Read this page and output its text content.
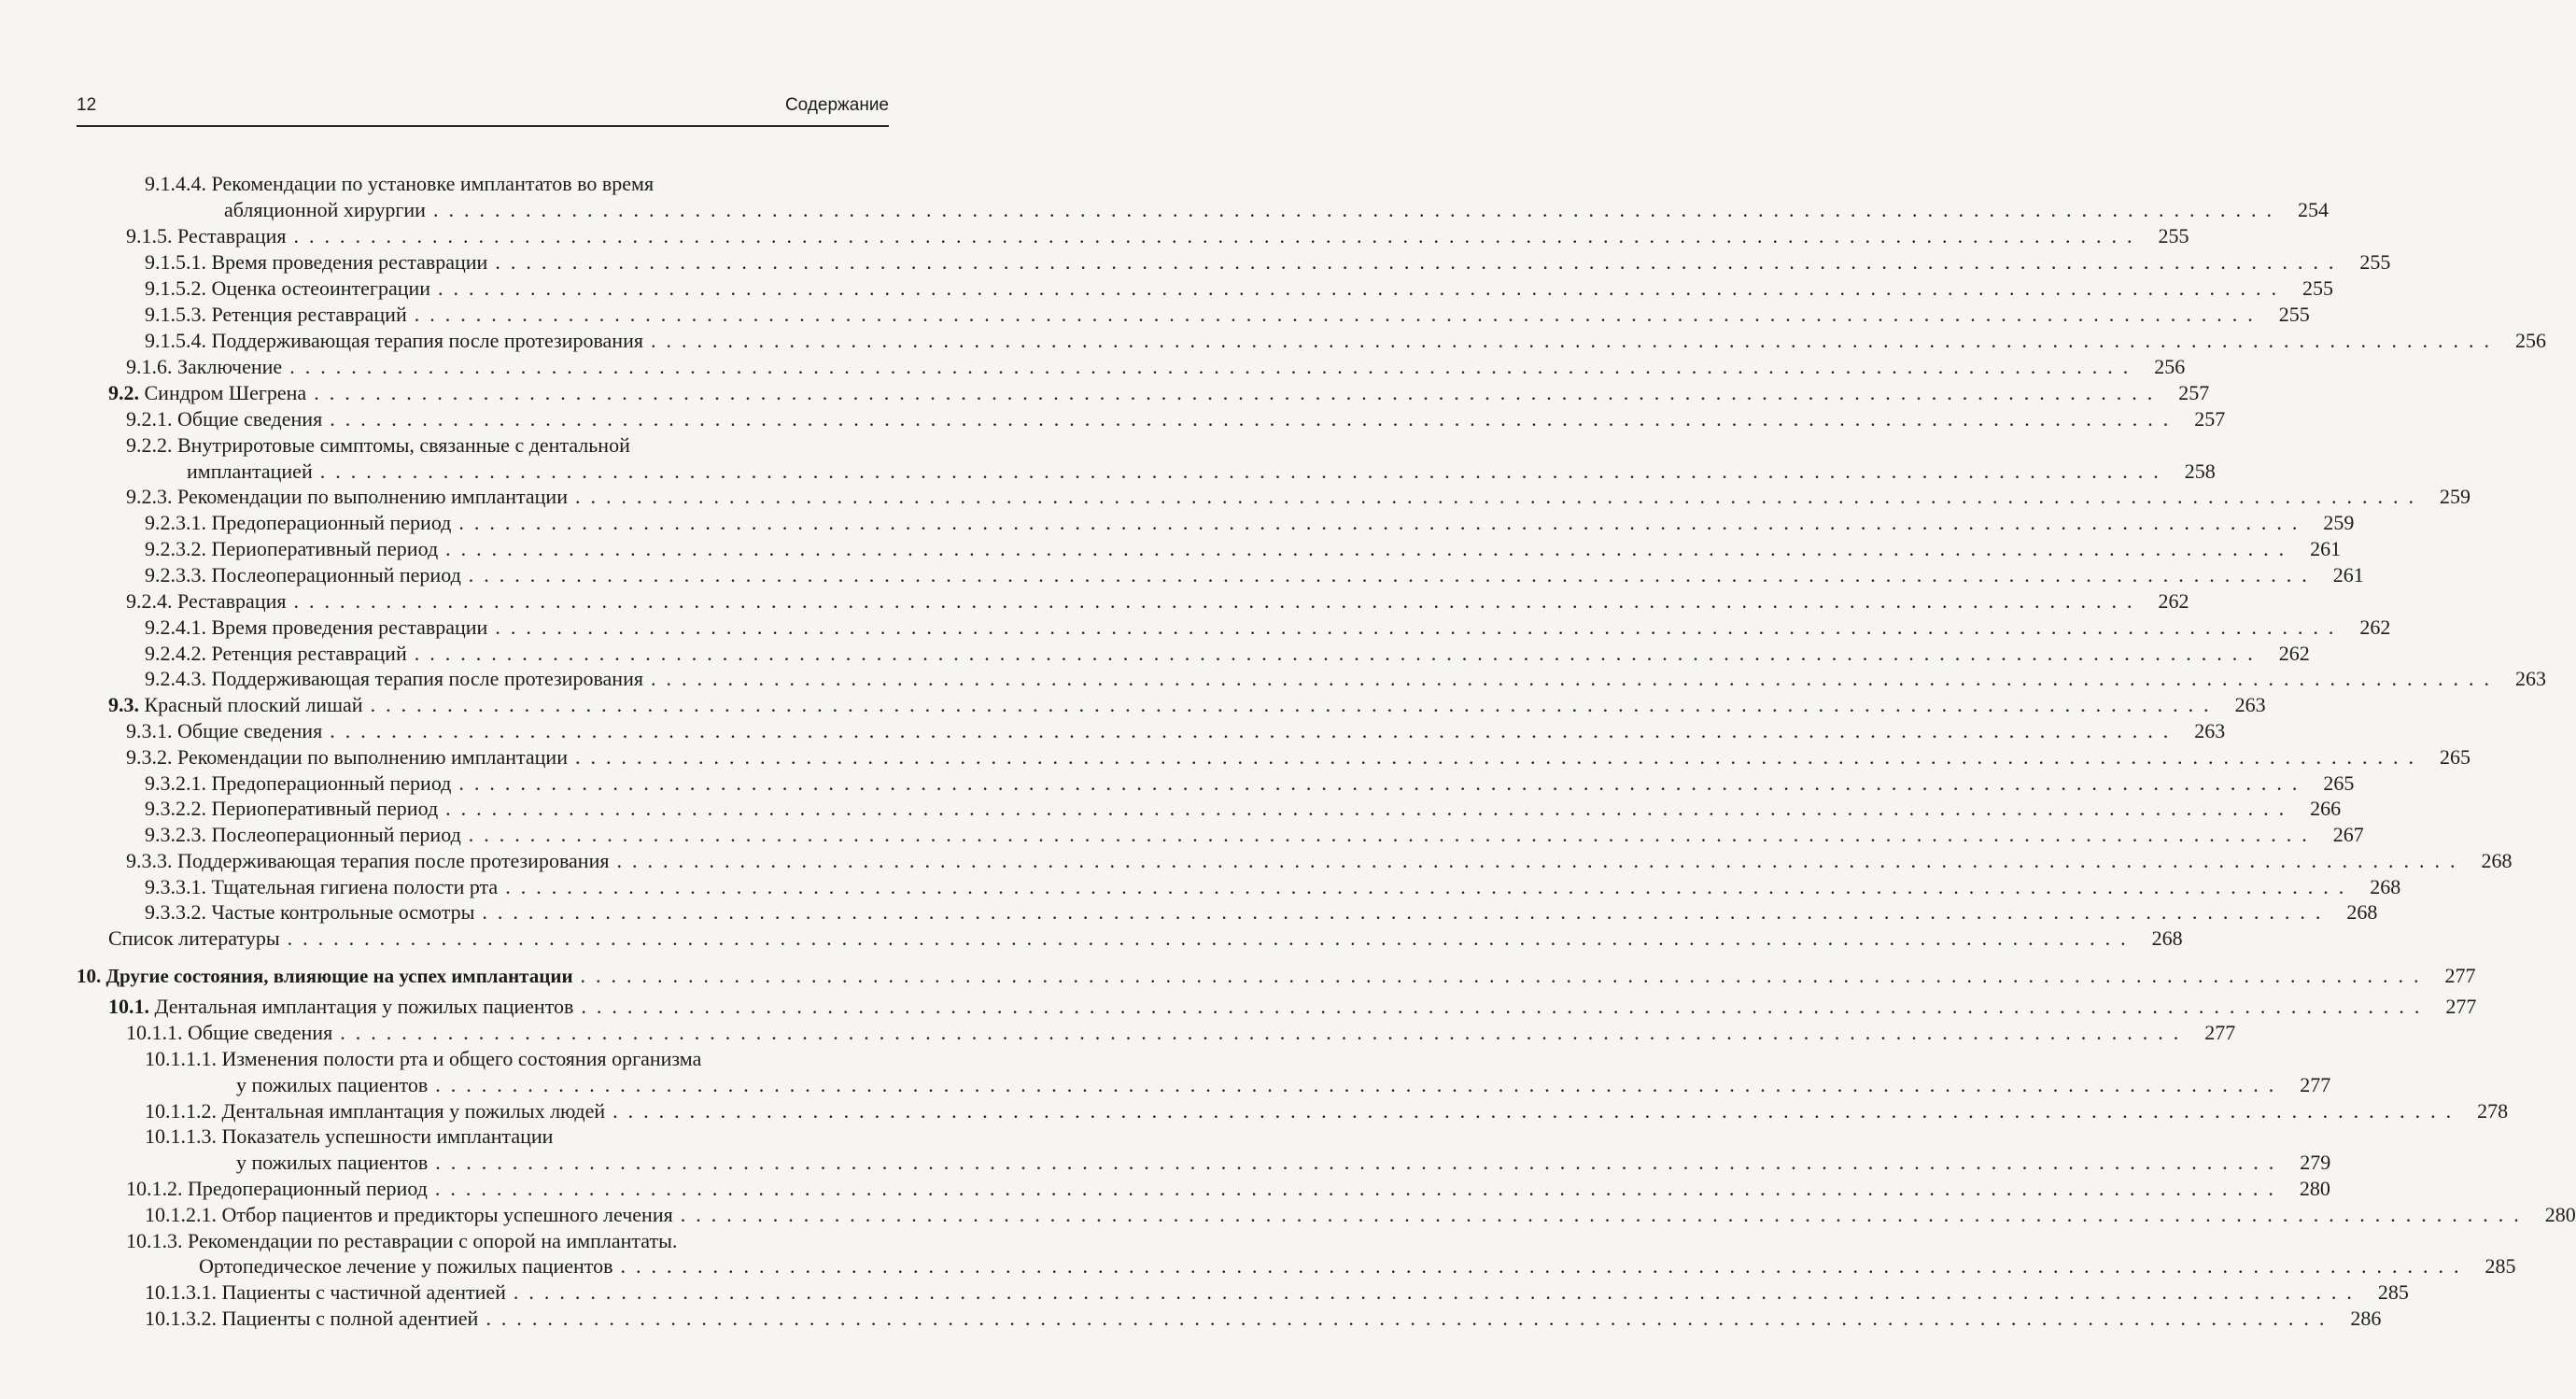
12	Содержание
9.1.4.4. Рекомендации по установке имплантатов во время
абляционной хирургии ........................................................................................................................ 254
9.1.5. Реставрация ........................................................................................................................ 255
9.1.5.1. Время проведения реставрации ........................................................................................................................ 255
9.1.5.2. Оценка остеоинтеграции ........................................................................................................................ 255
9.1.5.3. Ретенция реставраций ........................................................................................................................ 255
9.1.5.4. Поддерживающая терапия после протезирования ........................................................................................................................ 256
9.1.6. Заключение ........................................................................................................................ 256
9.2. Синдром Шегрена ........................................................................................................................ 257
9.2.1. Общие сведения ........................................................................................................................ 257
9.2.2. Внутриротовые симптомы, связанные с дентальной
имплантацией ........................................................................................................................ 258
9.2.3. Рекомендации по выполнению имплантации ........................................................................................................................ 259
9.2.3.1. Предоперационный период ........................................................................................................................ 259
9.2.3.2. Периоперативный период ........................................................................................................................ 261
9.2.3.3. Послеоперационный период ........................................................................................................................ 261
9.2.4. Реставрация ........................................................................................................................ 262
9.2.4.1. Время проведения реставрации ........................................................................................................................ 262
9.2.4.2. Ретенция реставраций ........................................................................................................................ 262
9.2.4.3. Поддерживающая терапия после протезирования ........................................................................................................................ 263
9.3. Красный плоский лишай ........................................................................................................................ 263
9.3.1. Общие сведения ........................................................................................................................ 263
9.3.2. Рекомендации по выполнению имплантации ........................................................................................................................ 265
9.3.2.1. Предоперационный период ........................................................................................................................ 265
9.3.2.2. Периоперативный период ........................................................................................................................ 266
9.3.2.3. Послеоперационный период ........................................................................................................................ 267
9.3.3. Поддерживающая терапия после протезирования ........................................................................................................................ 268
9.3.3.1. Тщательная гигиена полости рта ........................................................................................................................ 268
9.3.3.2. Частые контрольные осмотры ........................................................................................................................ 268
Список литературы ........................................................................................................................ 268
10. Другие состояния, влияющие на успех имплантации ........................................................................................................................ 277
10.1. Дентальная имплантация у пожилых пациентов ........................................................................................................................ 277
10.1.1. Общие сведения ........................................................................................................................ 277
10.1.1.1. Изменения полости рта и общего состояния организма
у пожилых пациентов ........................................................................................................................ 277
10.1.1.2. Дентальная имплантация у пожилых людей ........................................................................................................................ 278
10.1.1.3. Показатель успешности имплантации
у пожилых пациентов ........................................................................................................................ 279
10.1.2. Предоперационный период ........................................................................................................................ 280
10.1.2.1. Отбор пациентов и предикторы успешного лечения ........................................................................................................................ 280
10.1.3. Рекомендации по реставрации с опорой на имплантаты.
Ортопедическое лечение у пожилых пациентов ........................................................................................................................ 285
10.1.3.1. Пациенты с частичной адентией ........................................................................................................................ 285
10.1.3.2. Пациенты с полной адентией ........................................................................................................................ 286
